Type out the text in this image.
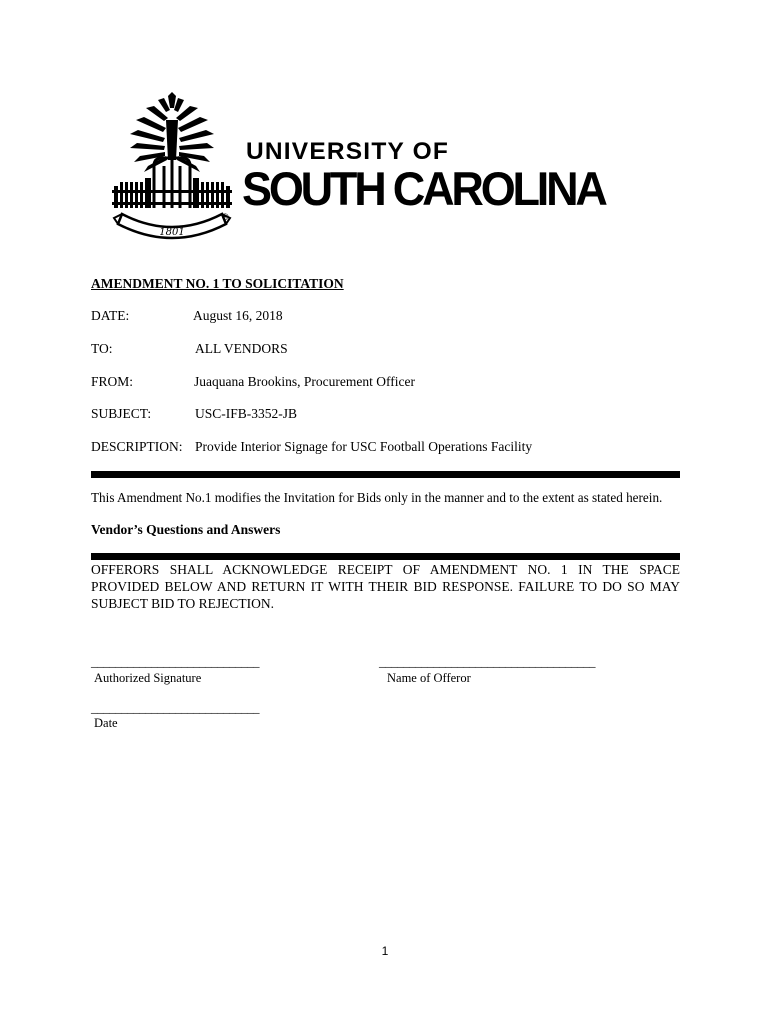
1801
UNIVERSITY OF
SOUTH CAROLINA
®
AMENDMENT NO. 1 TO SOLICITATION
DATE:	August 16, 2018
TO:	ALL VENDORS
FROM:	Juaquana Brookins, Procurement Officer
SUBJECT:	USC-IFB-3352-JB
DESCRIPTION: Provide Interior Signage for USC Football Operations Facility
This Amendment No.1 modifies the Invitation for Bids only in the manner and to the extent as stated herein.
Vendor’s Questions and Answers
OFFERORS SHALL ACKNOWLEDGE RECEIPT OF AMENDMENT NO. 1 IN THE SPACE PROVIDED BELOW AND RETURN IT WITH THEIR BID RESPONSE. FAILURE TO DO SO MAY SUBJECT BID TO REJECTION.
____________________________
Authorized Signature
____________________________________
Name of Offeror
____________________________
Date
1
